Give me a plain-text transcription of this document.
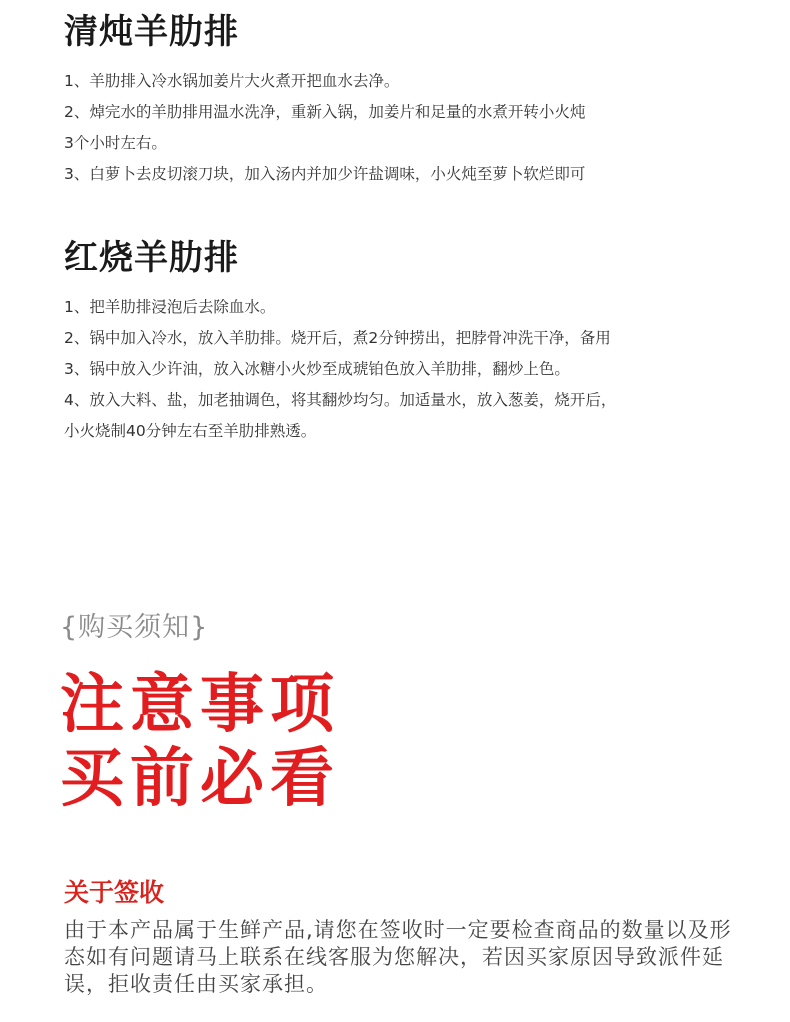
清炖羊肋排
1、羊肋排入冷水锅加姜片大火煮开把血水去净。
2、焯完水的羊肋排用温水洗净，重新入锅，加姜片和足量的水煮开转小火炖
3个小时左右。
3、白萝卜去皮切滚刀块，加入汤内并加少许盐调味，小火炖至萝卜软烂即可
红烧羊肋排
1、把羊肋排浸泡后去除血水。
2、锅中加入冷水，放入羊肋排。烧开后，煮2分钟捞出，把脖骨冲洗干净，备用
3、锅中放入少许油，放入冰糖小火炒至成琥铂色放入羊肋排，翻炒上色。
4、放入大料、盐，加老抽调色，将其翻炒均匀。加适量水，放入葱姜，烧开后，
小火烧制40分钟左右至羊肋排熟透。
{购买须知}

注意事项

买前必看

关于签收

由于本产品属于生鲜产品,请您在签收时一定要检查商品的数量以及形态如有问题请马上联系在线客服为您解决，若因买家原因导致派件延误，拒收责任由买家承担。
